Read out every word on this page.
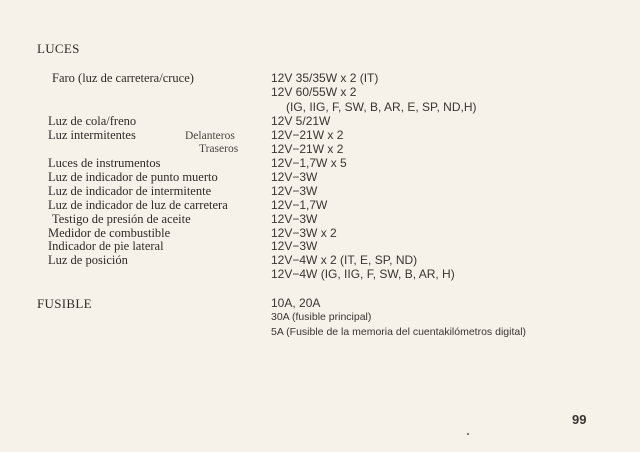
LUCES
Faro (luz de carretera/cruce)
Luz de cola/freno
Luz intermitentes	Delanteros
Traseros
Luces de instrumentos
Luz de indicador de punto muerto
Luz de indicador de intermitente
Luz de indicador de luz de carretera
Testigo de presión de aceite
Medidor de combustible
Indicador de pie lateral
Luz de posición
12V 35/35W x 2 (IT)
12V 60/55W x 2
(IG, IIG, F, SW, B, AR, E, SP, ND,H)
12V 5/21W
12V−21W x 2
12V−21W x 2
12V−1,7W x 5
12V−3W
12V−3W
12V−1,7W
12V−3W
12V−3W x 2
12V−3W
12V−4W x 2 (IT, E, SP, ND)
12V−4W (IG, IIG, F, SW, B, AR, H)
FUSIBLE	10A, 20A
30A (fusible principal)
5A (Fusible de la memoria del cuentakilómetros digital)
99
